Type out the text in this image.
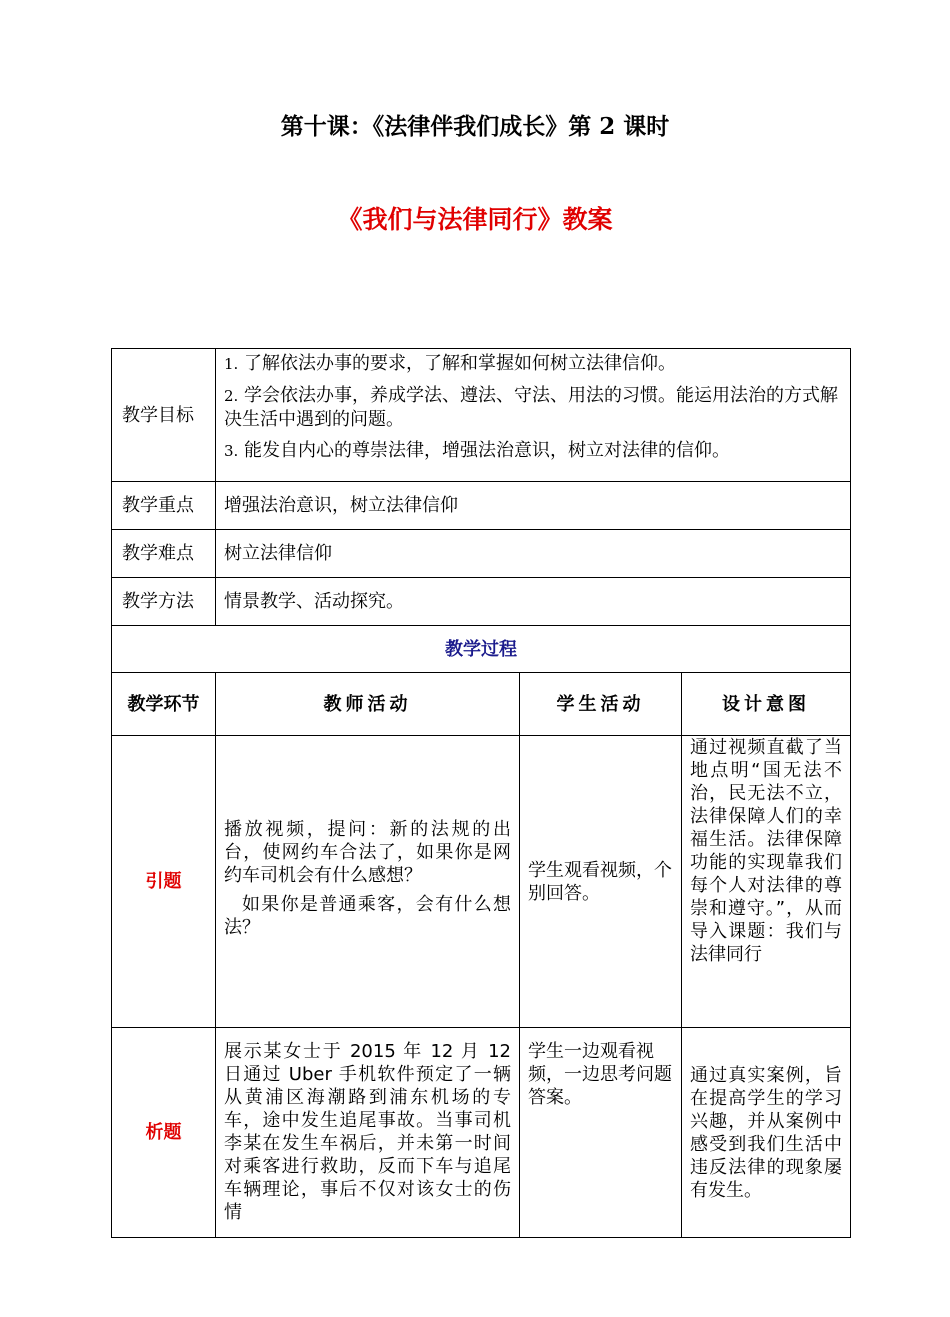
第十课：《法律伴我们成长》第 2 课时
《我们与法律同行》教案
教学目标	1. 了解依法办事的要求，了解和掌握如何树立法律信仰。

2. 学会依法办事，养成学法、遵法、守法、用法的习惯。能运用法治的方式解决生活中遇到的问题。

3. 能发自内心的尊崇法律，增强法治意识，树立对法律的信仰。		

教学重点	增强法治意识，树立法律信仰		
教学难点	树立法律信仰		
教学方法	情景教学、活动探究。		
教学过程			
教学环节	教师活动	学生活动	设计意图
引题	播放视频，提问：新的法规的出台，使网约车合法了，如果你是网约车司机会有什么感想？

如果你是普通乘客，会有什么想法？	学生观看视频，个别回答。	通过视频直截了当地点明“国无法不治，民无法不立，法律保障人们的幸福生活。法律保障功能的实现靠我们每个人对法律的尊崇和遵守。”，从而导入课题：我们与法律同行
析题	展示某女士于 2015 年 12 月 12 日通过 Uber 手机软件预定了一辆从黄浦区海潮路到浦东机场的专车，途中发生追尾事故。当事司机李某在发生车祸后，并未第一时间对乘客进行救助，反而下车与追尾车辆理论，事后不仅对该女士的伤情	学生一边观看视频，一边思考问题答案。	通过真实案例，旨在提高学生的学习兴趣，并从案例中感受到我们生活中违反法律的现象屡有发生。
